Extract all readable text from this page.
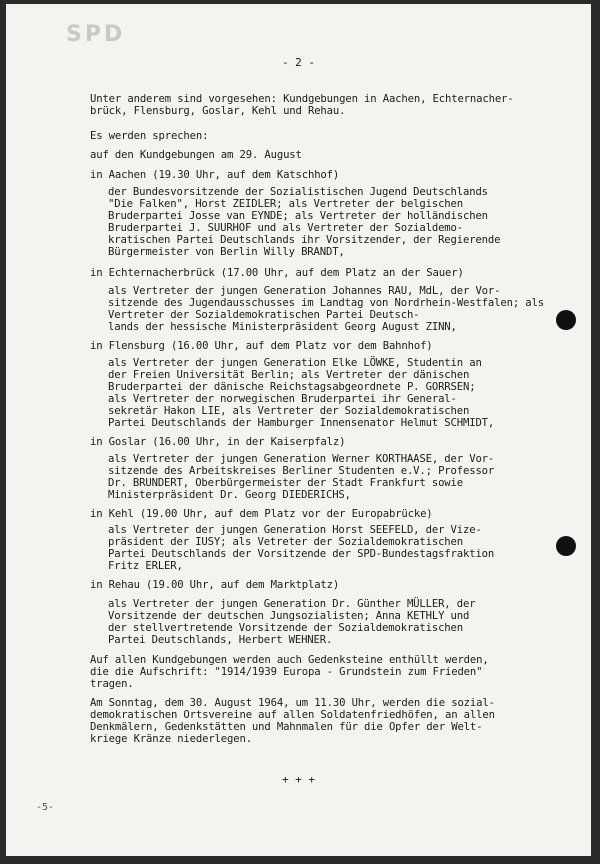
SPD
- 2 -
Unter anderem sind vorgesehen: Kundgebungen in Aachen, Echternacher-
brück, Flensburg, Goslar, Kehl und Rehau.
Es werden sprechen:
auf den Kundgebungen am 29. August
in Aachen (19.30 Uhr, auf dem Katschhof)
der Bundesvorsitzende der Sozialistischen Jugend Deutschlands
"Die Falken", Horst ZEIDLER; als Vertreter der belgischen
Bruderpartei Josse van EYNDE; als Vertreter der holländischen
Bruderpartei J. SUURHOF und als Vertreter der Sozialdemo-
kratischen Partei Deutschlands ihr Vorsitzender, der Regierende
Bürgermeister von Berlin Willy BRANDT,
in Echternacherbrück (17.00 Uhr, auf dem Platz an der Sauer)
als Vertreter der jungen Generation Johannes RAU, MdL, der Vor-
sitzende des Jugendausschusses im Landtag von Nordrhein-Westfalen; als Vertreter der Sozialdemokratischen Partei Deutsch-
lands der hessische Ministerpräsident Georg August ZINN,
in Flensburg (16.00 Uhr, auf dem Platz vor dem Bahnhof)
als Vertreter der jungen Generation Elke LÖWKE, Studentin an
der Freien Universität Berlin; als Vertreter der dänischen
Bruderpartei der dänische Reichstagsabgeordnete P. GORRSEN;
als Vertreter der norwegischen Bruderpartei ihr General-
sekretär Hakon LIE, als Vertreter der Sozialdemokratischen
Partei Deutschlands der Hamburger Innensenator Helmut SCHMIDT,
in Goslar (16.00 Uhr, in der Kaiserpfalz)
als Vertreter der jungen Generation Werner KORTHAASE, der Vor-
sitzende des Arbeitskreises Berliner Studenten e.V.; Professor
Dr. BRUNDERT, Oberbürgermeister der Stadt Frankfurt sowie
Ministerpräsident Dr. Georg DIEDERICHS,
in Kehl (19.00 Uhr, auf dem Platz vor der Europabrücke)
als Vertreter der jungen Generation Horst SEEFELD, der Vize-
präsident der IUSY; als Vetreter der Sozialdemokratischen
Partei Deutschlands der Vorsitzende der SPD-Bundestagsfraktion
Fritz ERLER,
in Rehau (19.00 Uhr, auf dem Marktplatz)
als Vertreter der jungen Generation Dr. Günther MÜLLER, der
Vorsitzende der deutschen Jungsozialisten; Anna KETHLY und
der stellvertretende Vorsitzende der Sozialdemokratischen
Partei Deutschlands, Herbert WEHNER.
Auf allen Kundgebungen werden auch Gedenksteine enthüllt werden,
die die Aufschrift: "1914/1939 Europa - Grundstein zum Frieden"
tragen.
Am Sonntag, dem 30. August 1964, um 11.30 Uhr, werden die sozial-
demokratischen Ortsvereine auf allen Soldatenfriedhöfen, an allen
Denkmälern, Gedenkstätten und Mahnmalen für die Opfer der Welt-
kriege Kränze niederlegen.
+ + +
-5-
